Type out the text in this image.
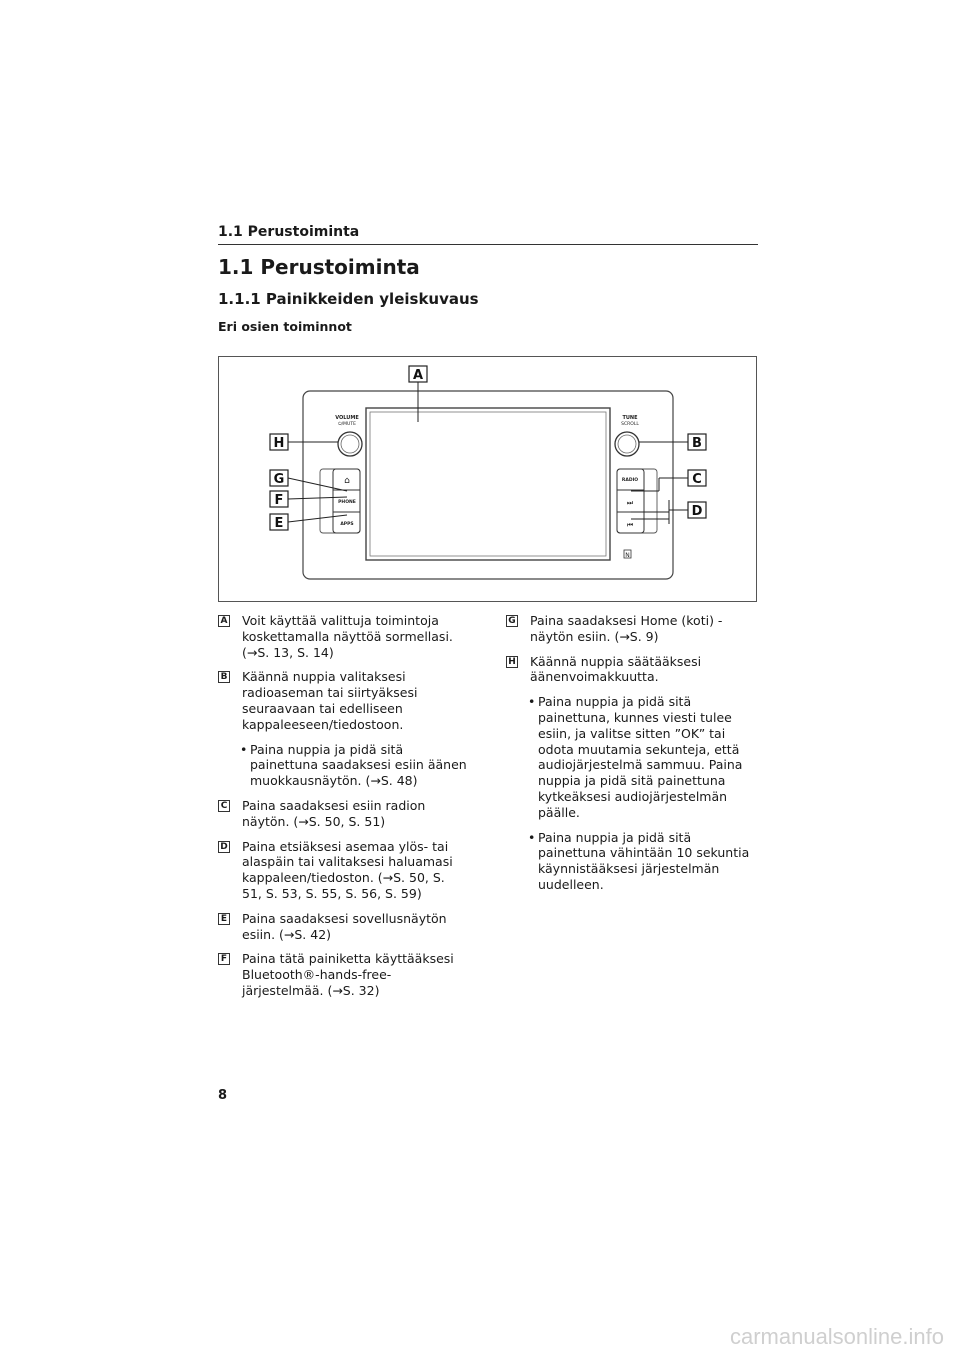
1.1 Perustoiminta
1.1 Perustoiminta
1.1.1 Painikkeiden yleiskuvaus
Eri osien toiminnot
VOLUME
⏻/MUTE
TUNE
SCROLL
⌂
PHONE
APPS
RADIO
⏭
⏮
N
A
B
C
D
H
G
F
E
A Voit käyttää valittuja toimintoja koskettamalla näyttöä sormellasi. (→S. 13, S. 14)
B Käännä nuppia valitaksesi radioaseman tai siirtyäksesi seuraavaan tai edelliseen kappaleeseen/tiedostoon.
• Paina nuppia ja pidä sitä painettuna saadaksesi esiin äänen muokkausnäytön. (→S. 48)
C Paina saadaksesi esiin radion näytön. (→S. 50, S. 51)
D Paina etsiäksesi asemaa ylös- tai alaspäin tai valitaksesi haluamasi kappaleen/tiedoston. (→S. 50, S. 51, S. 53, S. 55, S. 56, S. 59)
E Paina saadaksesi sovellusnäytön esiin. (→S. 42)
F Paina tätä painiketta käyttääksesi Bluetooth®-hands-free-järjestelmää. (→S. 32)
G Paina saadaksesi Home (koti) -näytön esiin. (→S. 9)
H Käännä nuppia säätääksesi äänenvoimakkuutta.
• Paina nuppia ja pidä sitä painettuna, kunnes viesti tulee esiin, ja valitse sitten ”OK” tai odota muutamia sekunteja, että audiojärjestelmä sammuu. Paina nuppia ja pidä sitä painettuna kytkeäksesi audiojärjestelmän päälle.
• Paina nuppia ja pidä sitä painettuna vähintään 10 sekuntia käynnistääksesi järjestelmän uudelleen.
8
carmanualsonline.info
